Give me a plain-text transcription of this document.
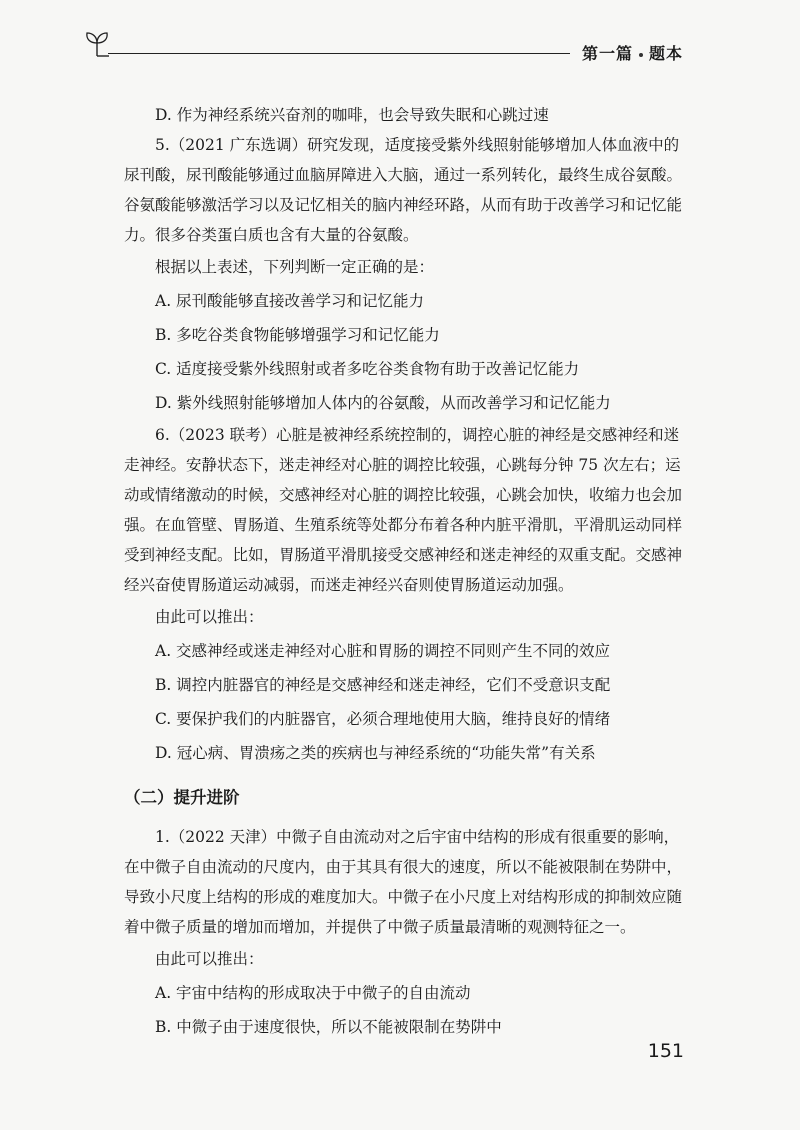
第一篇 题本

D. 作为神经系统兴奋剂的咖啡，也会导致失眠和心跳过速

5.（2021 广东选调）研究发现，适度接受紫外线照射能够增加人体血液中的尿刊酸，尿刊酸能够通过血脑屏障进入大脑，通过一系列转化，最终生成谷氨酸。谷氨酸能够激活学习以及记忆相关的脑内神经环路，从而有助于改善学习和记忆能力。很多谷类蛋白质也含有大量的谷氨酸。

根据以上表述，下列判断一定正确的是：

A. 尿刊酸能够直接改善学习和记忆能力

B. 多吃谷类食物能够增强学习和记忆能力

C. 适度接受紫外线照射或者多吃谷类食物有助于改善记忆能力

D. 紫外线照射能够增加人体内的谷氨酸，从而改善学习和记忆能力

6.（2023 联考）心脏是被神经系统控制的，调控心脏的神经是交感神经和迷走神经。安静状态下，迷走神经对心脏的调控比较强，心跳每分钟 75 次左右；运动或情绪激动的时候，交感神经对心脏的调控比较强，心跳会加快，收缩力也会加强。在血管壁、胃肠道、生殖系统等处都分布着各种内脏平滑肌，平滑肌运动同样受到神经支配。比如，胃肠道平滑肌接受交感神经和迷走神经的双重支配。交感神经兴奋使胃肠道运动减弱，而迷走神经兴奋则使胃肠道运动加强。

由此可以推出：

A. 交感神经或迷走神经对心脏和胃肠的调控不同则产生不同的效应

B. 调控内脏器官的神经是交感神经和迷走神经，它们不受意识支配

C. 要保护我们的内脏器官，必须合理地使用大脑，维持良好的情绪

D. 冠心病、胃溃疡之类的疾病也与神经系统的“功能失常”有关系

（二）提升进阶

1.（2022 天津）中微子自由流动对之后宇宙中结构的形成有很重要的影响，在中微子自由流动的尺度内，由于其具有很大的速度，所以不能被限制在势阱中，导致小尺度上结构的形成的难度加大。中微子在小尺度上对结构形成的抑制效应随着中微子质量的增加而增加，并提供了中微子质量最清晰的观测特征之一。

由此可以推出：

A. 宇宙中结构的形成取决于中微子的自由流动

B. 中微子由于速度很快，所以不能被限制在势阱中

151
